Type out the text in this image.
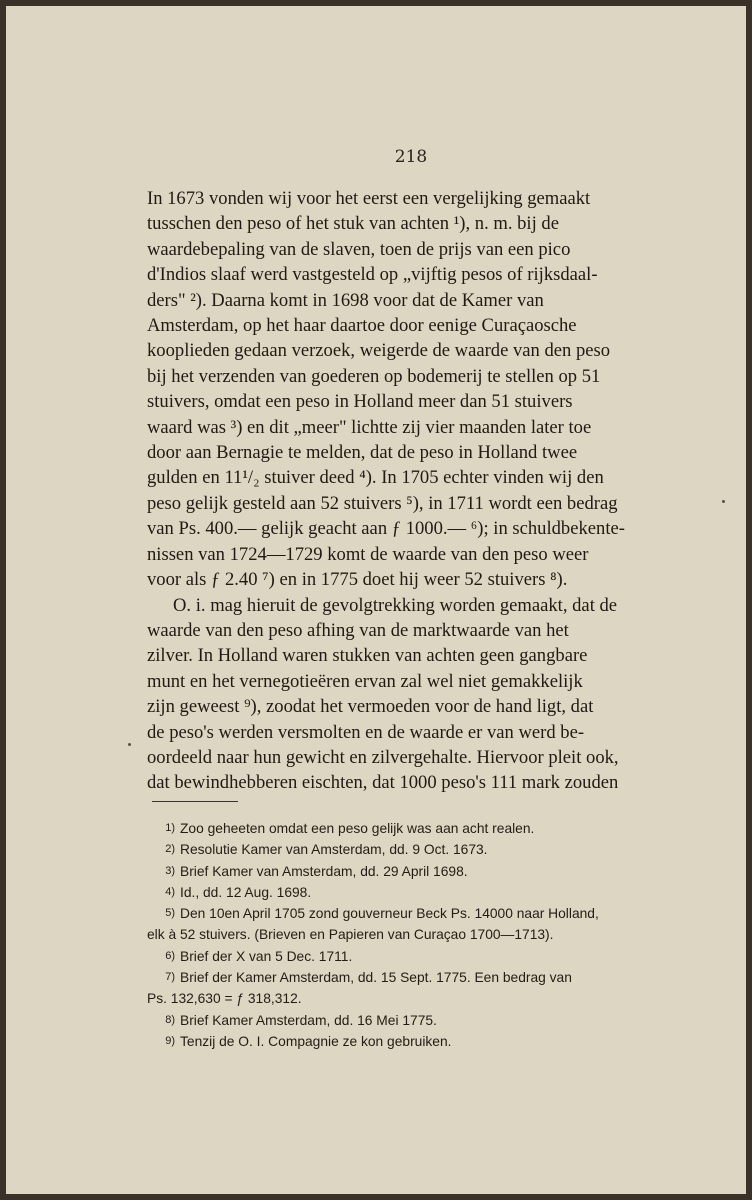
218

In 1673 vonden wij voor het eerst een vergelijking gemaakt

tusschen den peso of het stuk van achten ¹), n. m. bij de

waardebepaling van de slaven, toen de prijs van een pico

d'Indios slaaf werd vastgesteld op „vijftig pesos of rijksdaal-

ders" ²). Daarna komt in 1698 voor dat de Kamer van

Amsterdam, op het haar daartoe door eenige Curaçaosche

kooplieden gedaan verzoek, weigerde de waarde van den peso

bij het verzenden van goederen op bodemerij te stellen op 51

stuivers, omdat een peso in Holland meer dan 51 stuivers

waard was ³) en dit „meer" lichtte zij vier maanden later toe

door aan Bernagie te melden, dat de peso in Holland twee

gulden en 11¹/₂ stuiver deed ⁴). In 1705 echter vinden wij den

peso gelijk gesteld aan 52 stuivers ⁵), in 1711 wordt een bedrag

van Ps. 400.— gelijk geacht aan ƒ 1000.— ⁶); in schuldbekente-

nissen van 1724—1729 komt de waarde van den peso weer

voor als ƒ 2.40 ⁷) en in 1775 doet hij weer 52 stuivers ⁸).

O. i. mag hieruit de gevolgtrekking worden gemaakt, dat de

waarde van den peso afhing van de marktwaarde van het

zilver. In Holland waren stukken van achten geen gangbare

munt en het vernegotieëren ervan zal wel niet gemakkelijk

zijn geweest ⁹), zoodat het vermoeden voor de hand ligt, dat

de peso's werden versmolten en de waarde er van werd be-

oordeeld naar hun gewicht en zilvergehalte. Hiervoor pleit ook,

dat bewindhebberen eischten, dat 1000 peso's 111 mark zouden

1) Zoo geheeten omdat een peso gelijk was aan acht realen.

2) Resolutie Kamer van Amsterdam, dd. 9 Oct. 1673.

3) Brief Kamer van Amsterdam, dd. 29 April 1698.

4) Id., dd. 12 Aug. 1698.

5) Den 10en April 1705 zond gouverneur Beck Ps. 14000 naar Holland,

elk à 52 stuivers. (Brieven en Papieren van Curaçao 1700—1713).

6) Brief der X van 5 Dec. 1711.

7) Brief der Kamer Amsterdam, dd. 15 Sept. 1775. Een bedrag van

Ps. 132,630 = ƒ 318,312.

8) Brief Kamer Amsterdam, dd. 16 Mei 1775.

9) Tenzij de O. I. Compagnie ze kon gebruiken.
